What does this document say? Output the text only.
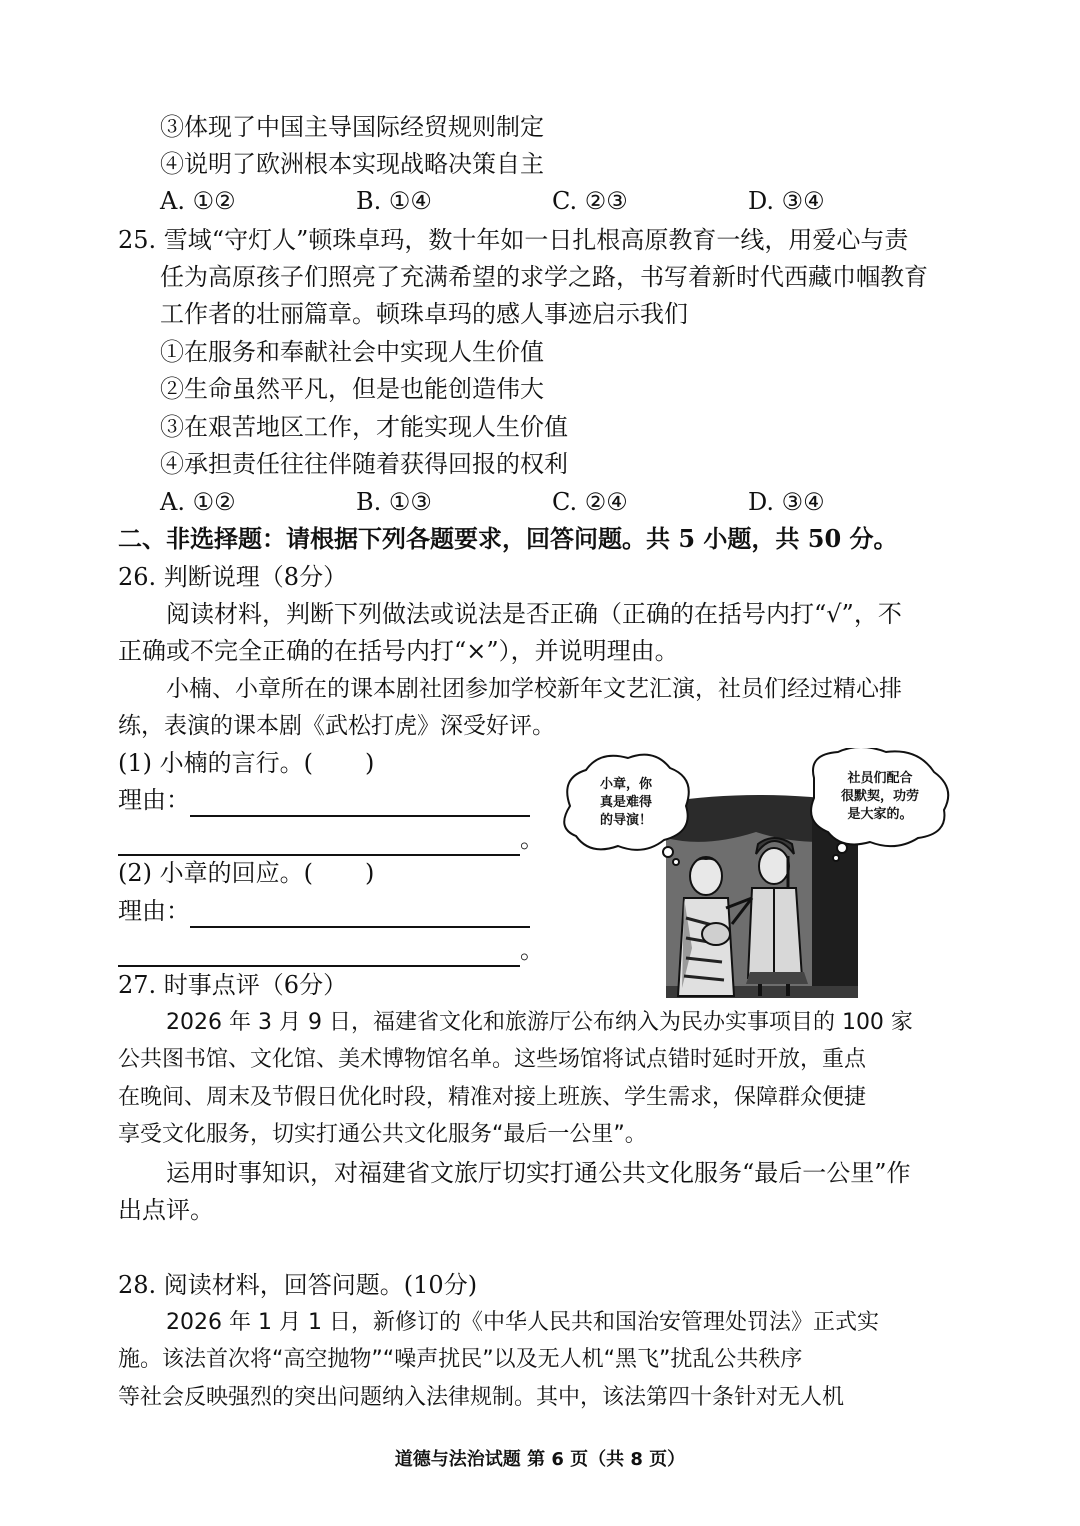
③体现了中国主导国际经贸规则制定
④说明了欧洲根本实现战略决策自主
A. ①②	B. ①④	C. ②③	D. ③④
25. 雪域“守灯人”顿珠卓玛，数十年如一日扎根高原教育一线，用爱心与责
任为高原孩子们照亮了充满希望的求学之路，书写着新时代西藏巾帼教育
工作者的壮丽篇章。顿珠卓玛的感人事迹启示我们
①在服务和奉献社会中实现人生价值
②生命虽然平凡，但是也能创造伟大
③在艰苦地区工作，才能实现人生价值
④承担责任往往伴随着获得回报的权利
A. ①②	B. ①③	C. ②④	D. ③④
二、非选择题：请根据下列各题要求，回答问题。共 5 小题，共 50 分。
26. 判断说理（8分）
阅读材料，判断下列做法或说法是否正确（正确的在括号内打“√”，不
正确或不完全正确的在括号内打“×”），并说明理由。
小楠、小章所在的课本剧社团参加学校新年文艺汇演，社员们经过精心排
练，表演的课本剧《武松打虎》深受好评。
(1) 小楠的言行。( )
理由：
。
(2) 小章的回应。( )
理由：
。
小章，你
真是难得
的导演！
社员们配合
很默契，功劳
是大家的。
27. 时事点评（6分）
2026 年 3 月 9 日，福建省文化和旅游厅公布纳入为民办实事项目的 100 家
公共图书馆、文化馆、美术博物馆名单。这些场馆将试点错时延时开放，重点
在晚间、周末及节假日优化时段，精准对接上班族、学生需求，保障群众便捷
享受文化服务，切实打通公共文化服务“最后一公里”。
运用时事知识，对福建省文旅厅切实打通公共文化服务“最后一公里”作
出点评。
28. 阅读材料，回答问题。(10分)
2026 年 1 月 1 日，新修订的《中华人民共和国治安管理处罚法》正式实
施。该法首次将“高空抛物”“噪声扰民”以及无人机“黑飞”扰乱公共秩序
等社会反映强烈的突出问题纳入法律规制。其中，该法第四十条针对无人机
道德与法治试题 第 6 页（共 8 页）
